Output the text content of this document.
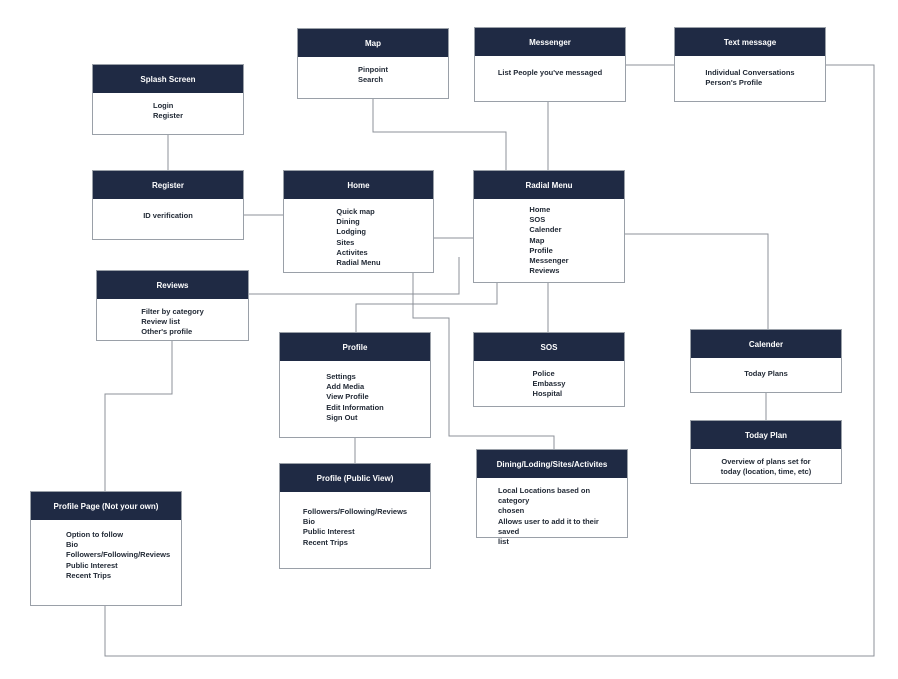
Splash Screen
Login
Register
Map
Pinpoint
Search
Messenger
List People you've messaged
Text message
Individual Conversations
Person's Profile
Register
ID verification
Home
Quick map
Dining
Lodging
Sites
Activites
Radial Menu
Radial Menu
Home
SOS
Calender
Map
Profile
Messenger
Reviews
Reviews
Filter by category
Review list
Other's profile
Profile
Settings
Add Media
View Profile
Edit Information
Sign Out
SOS
Police
Embassy
Hospital
Calender
Today Plans
Today Plan
Overview of plans set for
today (location, time, etc)
Profile (Public View)
Followers/Following/Reviews
Bio
Public Interest
Recent Trips
Dining/Loding/Sites/Activites
Local Locations based on category
chosen
Allows user to add it to their saved
list
Profile Page (Not your own)
Option to follow
Bio
Followers/Following/Reviews
Public Interest
Recent Trips
